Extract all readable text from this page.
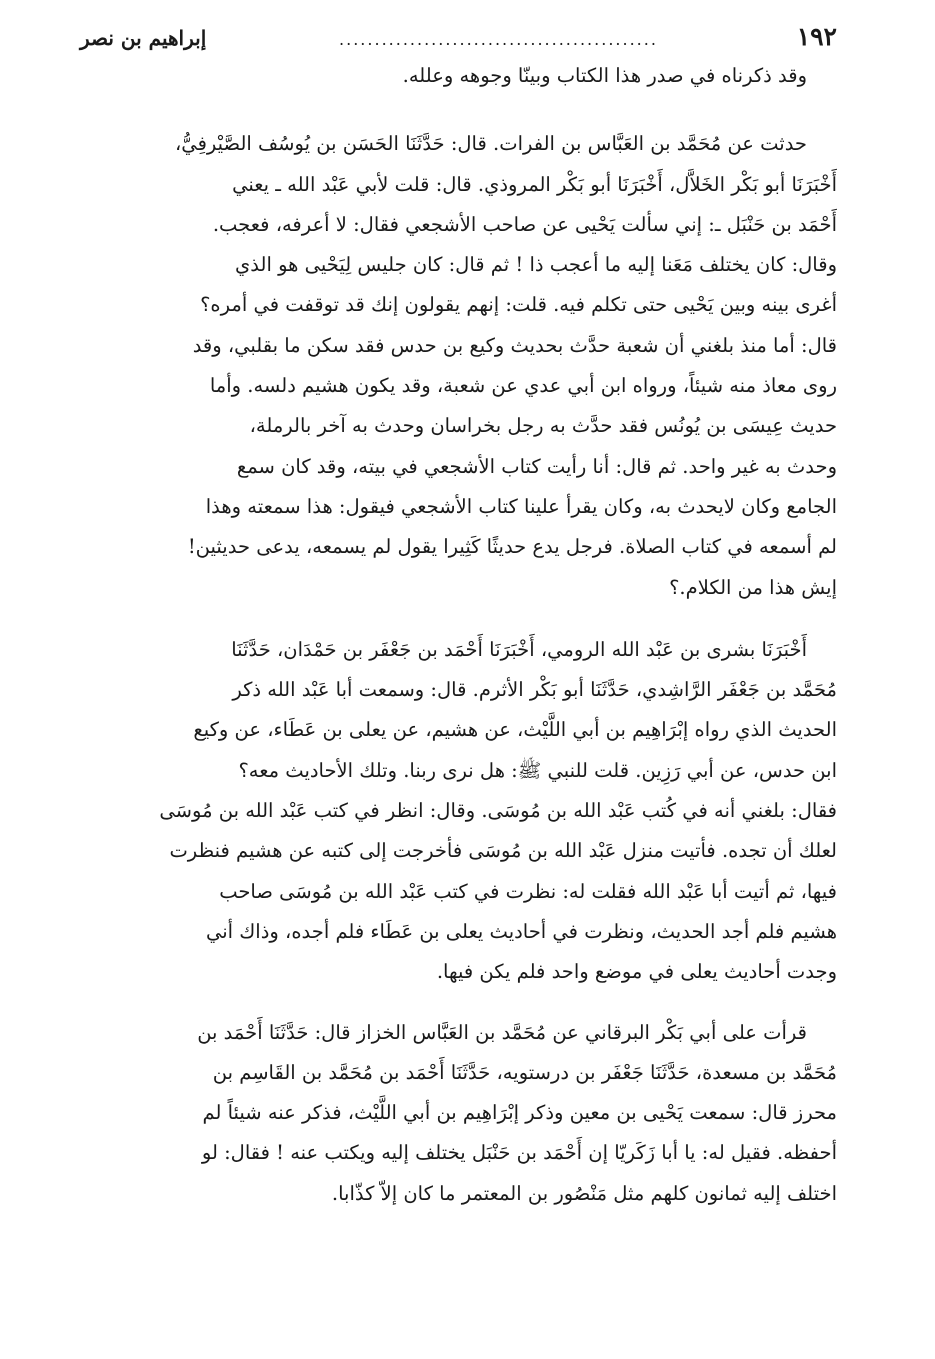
١٩٢
.............................................
إبراهيم بن نصر

وقد ذكرناه في صدر هذا الكتاب وبينّا وجوهه وعلله.

حدثت عن مُحَمَّد بن العَبَّاس بن الفرات. قال: حَدَّثَنَا الحَسَن بن يُوسُف الصَّيْرفِيُّ،
أَخْبَرَنَا أبو بَكْر الخَلاَّل، أَخْبَرَنَا أبو بَكْر المروذي. قال: قلت لأبي عَبْد الله ـ يعني
أَحْمَد بن حَنْبَل ـ: إني سألت يَحْيى عن صاحب الأشجعي فقال: لا أعرفه، فعجب.
وقال: كان يختلف مَعَنا إليه ما أعجب ذا ! ثم قال: كان جليس لِيَحْيى هو الذي
أغرى بينه وبين يَحْيى حتى تكلم فيه. قلت: إنهم يقولون إنك قد توقفت في أمره؟
قال: أما منذ بلغني أن شعبة حدَّث بحديث وكيع بن حدس فقد سكن ما بقلبي، وقد
روى معاذ منه شيئاً، ورواه ابن أبي عدي عن شعبة، وقد يكون هشيم دلسه. وأما
حديث عِيسَى بن يُونُس فقد حدَّث به رجل بخراسان وحدث به آخر بالرملة،
وحدث به غير واحد. ثم قال: أنا رأيت كتاب الأشجعي في بيته، وقد كان سمع
الجامع وكان لايحدث به، وكان يقرأ علينا كتاب الأشجعي فيقول: هذا سمعته وهذا
لم أسمعه في كتاب الصلاة. فرجل يدع حديثًا كَثِيرا يقول لم يسمعه، يدعى حديثين!
إيش هذا من الكلام.؟

أَخْبَرَنَا بشرى بن عَبْد الله الرومي، أَخْبَرَنَا أَحْمَد بن جَعْفَر بن حَمْدَان، حَدَّثَنَا
مُحَمَّد بن جَعْفَر الرَّاشِدي، حَدَّثَنَا أبو بَكْر الأثرم. قال: وسمعت أبا عَبْد الله ذكر
الحديث الذي رواه إبْرَاهِيم بن أبي اللَّيْث، عن هشيم، عن يعلى بن عَطَاء، عن وكيع
ابن حدس، عن أبي رَزِين. قلت للنبي ﷺ: هل نرى ربنا. وتلك الأحاديث معه؟
فقال: بلغني أنه في كُتب عَبْد الله بن مُوسَى. وقال: انظر في كتب عَبْد الله بن مُوسَى
لعلك أن تجده. فأتيت منزل عَبْد الله بن مُوسَى فأخرجت إلى كتبه عن هشيم فنظرت
فيها، ثم أتيت أبا عَبْد الله فقلت له: نظرت في كتب عَبْد الله بن مُوسَى صاحب
هشيم فلم أجد الحديث، ونظرت في أحاديث يعلى بن عَطَاء فلم أجده، وذاك أني
وجدت أحاديث يعلى في موضع واحد فلم يكن فيها.

قرأت على أبي بَكْر البرقاني عن مُحَمَّد بن العَبَّاس الخزاز قال: حَدَّثَنَا أَحْمَد بن
مُحَمَّد بن مسعدة، حَدَّثَنَا جَعْفَر بن درستويه، حَدَّثَنَا أَحْمَد بن مُحَمَّد بن القَاسِم بن
محرز قال: سمعت يَحْيى بن معين وذكر إبْرَاهِيم بن أبي اللَّيْث، فذكر عنه شيئاً لم
أحفظه. فقيل له: يا أبا زَكَريّا إن أَحْمَد بن حَنْبَل يختلف إليه ويكتب عنه ! فقال: لو
اختلف إليه ثمانون كلهم مثل مَنْصُور بن المعتمر ما كان إلاّ كذّابا.
